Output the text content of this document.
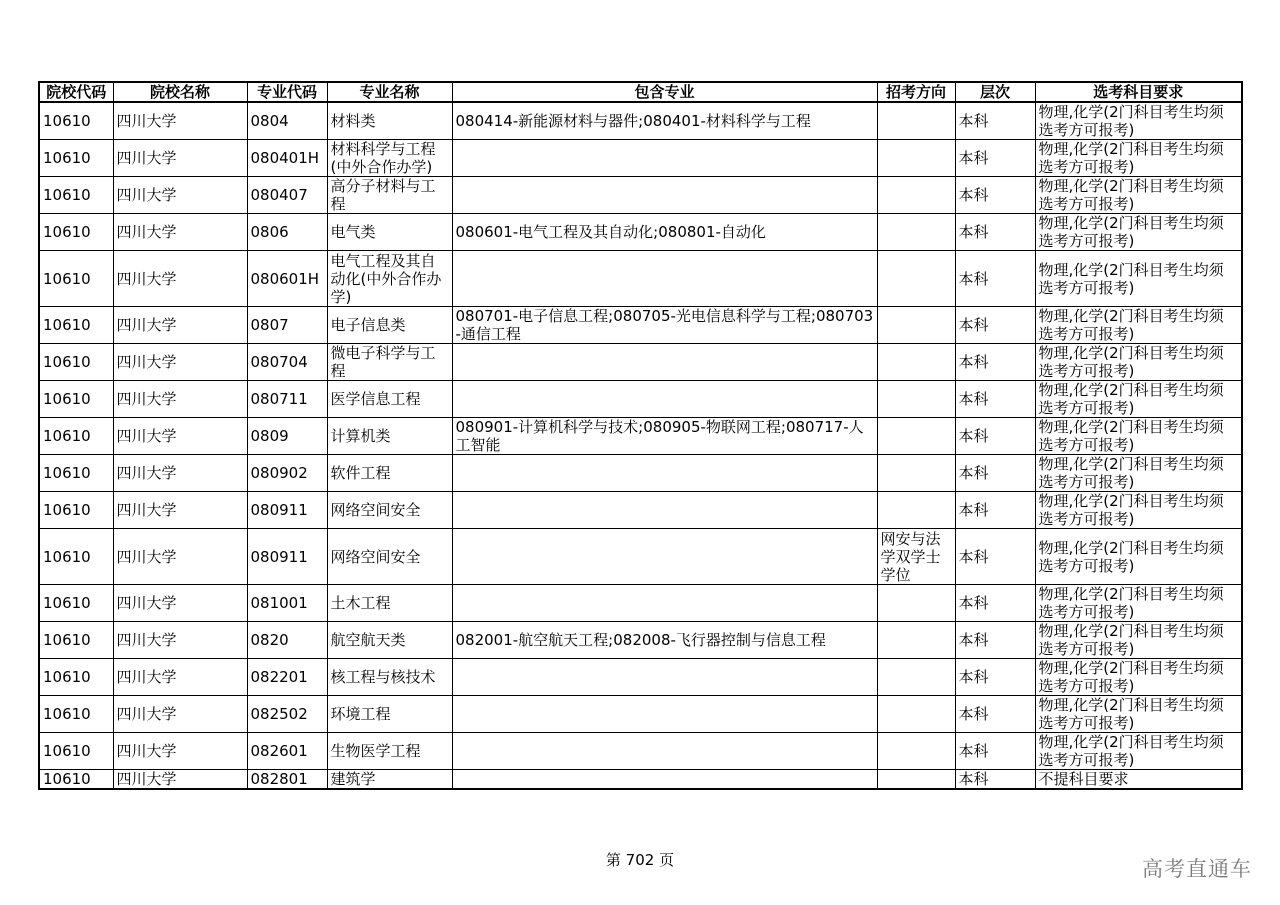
院校代码	院校名称	专业代码	专业名称	包含专业	招考方向	层次	选考科目要求
10610	四川大学	0804	材料类	080414-新能源材料与器件;080401-材料科学与工程		本科	物理,化学(2门科目考生均须选考方可报考)
10610	四川大学	080401H	材料科学与工程(中外合作办学)			本科	物理,化学(2门科目考生均须选考方可报考)
10610	四川大学	080407	高分子材料与工程			本科	物理,化学(2门科目考生均须选考方可报考)
10610	四川大学	0806	电气类	080601-电气工程及其自动化;080801-自动化		本科	物理,化学(2门科目考生均须选考方可报考)
10610	四川大学	080601H	电气工程及其自动化(中外合作办学)			本科	物理,化学(2门科目考生均须选考方可报考)
10610	四川大学	0807	电子信息类	080701-电子信息工程;080705-光电信息科学与工程;080703-通信工程		本科	物理,化学(2门科目考生均须选考方可报考)
10610	四川大学	080704	微电子科学与工程			本科	物理,化学(2门科目考生均须选考方可报考)
10610	四川大学	080711	医学信息工程			本科	物理,化学(2门科目考生均须选考方可报考)
10610	四川大学	0809	计算机类	080901-计算机科学与技术;080905-物联网工程;080717-人工智能		本科	物理,化学(2门科目考生均须选考方可报考)
10610	四川大学	080902	软件工程			本科	物理,化学(2门科目考生均须选考方可报考)
10610	四川大学	080911	网络空间安全			本科	物理,化学(2门科目考生均须选考方可报考)
10610	四川大学	080911	网络空间安全		网安与法学双学士学位	本科	物理,化学(2门科目考生均须选考方可报考)
10610	四川大学	081001	土木工程			本科	物理,化学(2门科目考生均须选考方可报考)
10610	四川大学	0820	航空航天类	082001-航空航天工程;082008-飞行器控制与信息工程		本科	物理,化学(2门科目考生均须选考方可报考)
10610	四川大学	082201	核工程与核技术			本科	物理,化学(2门科目考生均须选考方可报考)
10610	四川大学	082502	环境工程			本科	物理,化学(2门科目考生均须选考方可报考)
10610	四川大学	082601	生物医学工程			本科	物理,化学(2门科目考生均须选考方可报考)
10610	四川大学	082801	建筑学			本科	不提科目要求
第 702 页	高考直通车
